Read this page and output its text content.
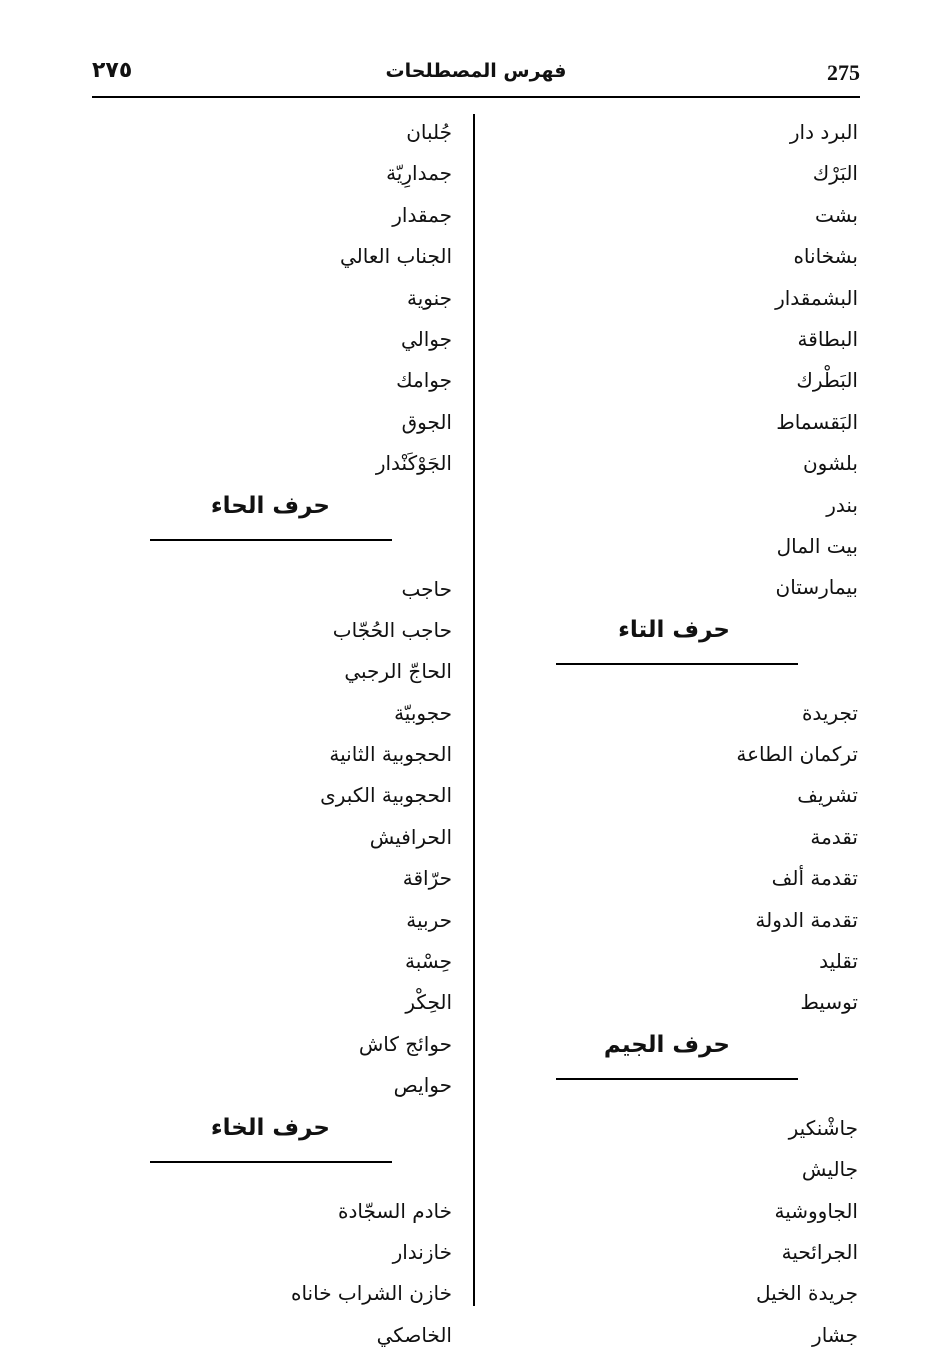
275
فهرس المصطلحات
٢٧٥
البرد دار
البَرْك
بشت
بشخاناه
البشمقدار
البطاقة
البَطْرك
البَقسماط
بلشون
بندر
بيت المال
بيمارستان
حرف التاء
تجريدة
تركمان الطاعة
تشريف
تقدمة
تقدمة ألف
تقدمة الدولة
تقليد
توسيط
حرف الجيم
جاشْنكير
جاليش
الجاووشية
الجرائحية
جريدة الخيل
جشار
جُلبان
جمدارِيّة
جمقدار
الجناب العالي
جنوية
جوالي
جوامك
الجوق
الجَوْكَنْدار
حرف الحاء
حاجب
حاجب الحُجّاب
الحاجّ الرجبي
حجوبيّة
الحجوبية الثانية
الحجوبية الكبرى
الحرافيش
حرّاقة
حربية
حِسْبة
الحِكْر
حوائج كاش
حوايص
حرف الخاء
خادم السجّادة
خازندار
خازن الشراب خاناه
الخاصكي
